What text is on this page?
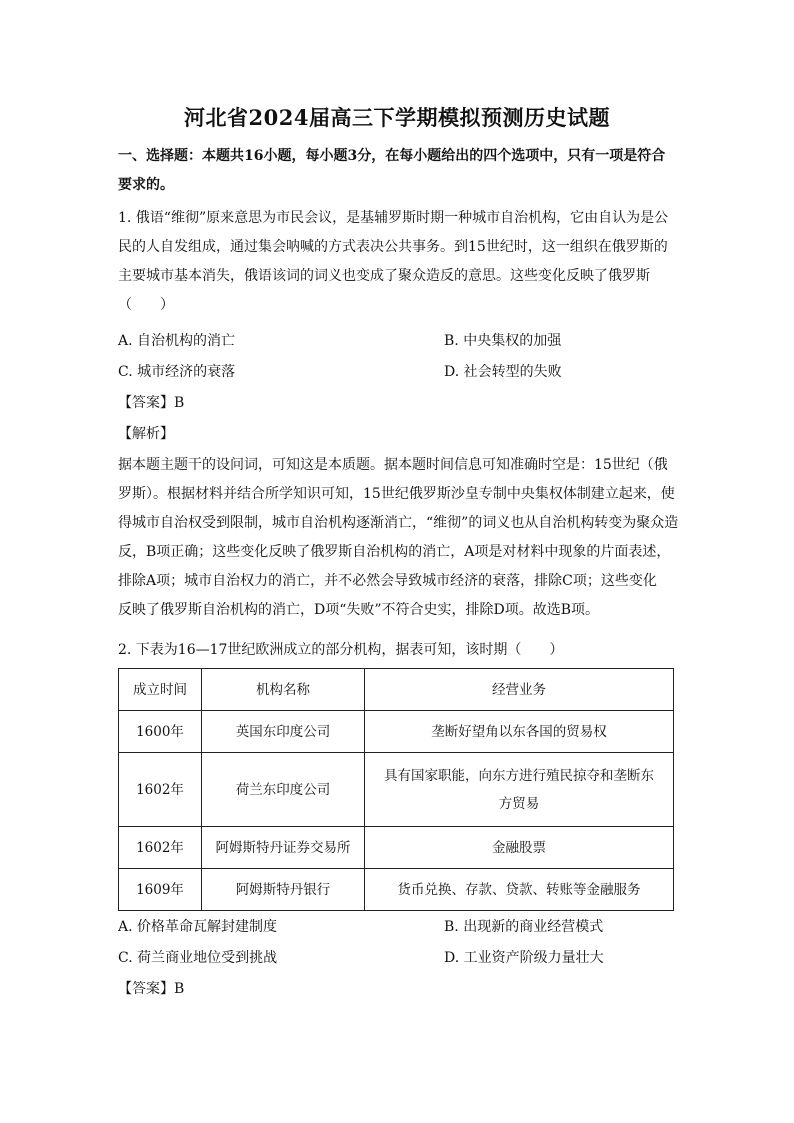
河北省2024届高三下学期模拟预测历史试题
一、选择题：本题共16小题，每小题3分，在每小题给出的四个选项中，只有一项是符合
要求的。
1. 俄语“维彻”原来意思为市民会议，是基辅罗斯时期一种城市自治机构，它由自认为是公
民的人自发组成，通过集会呐喊的方式表决公共事务。到15世纪时，这一组织在俄罗斯的
主要城市基本消失，俄语该词的词义也变成了聚众造反的意思。这些变化反映了俄罗斯
（　　）
A. 自治机构的消亡	B. 中央集权的加强
C. 城市经济的衰落	D. 社会转型的失败
【答案】B
【解析】
据本题主题干的设问词，可知这是本质题。据本题时间信息可知准确时空是：15世纪（俄
罗斯）。根据材料并结合所学知识可知，15世纪俄罗斯沙皇专制中央集权体制建立起来，使
得城市自治权受到限制，城市自治机构逐渐消亡，“维彻”的词义也从自治机构转变为聚众造
反，B项正确；这些变化反映了俄罗斯自治机构的消亡，A项是对材料中现象的片面表述，
排除A项；城市自治权力的消亡，并不必然会导致城市经济的衰落，排除C项；这些变化
反映了俄罗斯自治机构的消亡，D项“失败”不符合史实，排除D项。故选B项。
2. 下表为16—17世纪欧洲成立的部分机构，据表可知，该时期（　　）
成立时间	机构名称	经营业务
1600年	英国东印度公司	垄断好望角以东各国的贸易权
1602年	荷兰东印度公司	具有国家职能，向东方进行殖民掠夺和垄断东
方贸易

1602年	阿姆斯特丹证券交易所	金融股票
1609年	阿姆斯特丹银行	货币兑换、存款、贷款、转账等金融服务
A. 价格革命瓦解封建制度	B. 出现新的商业经营模式
C. 荷兰商业地位受到挑战	D. 工业资产阶级力量壮大
【答案】B
